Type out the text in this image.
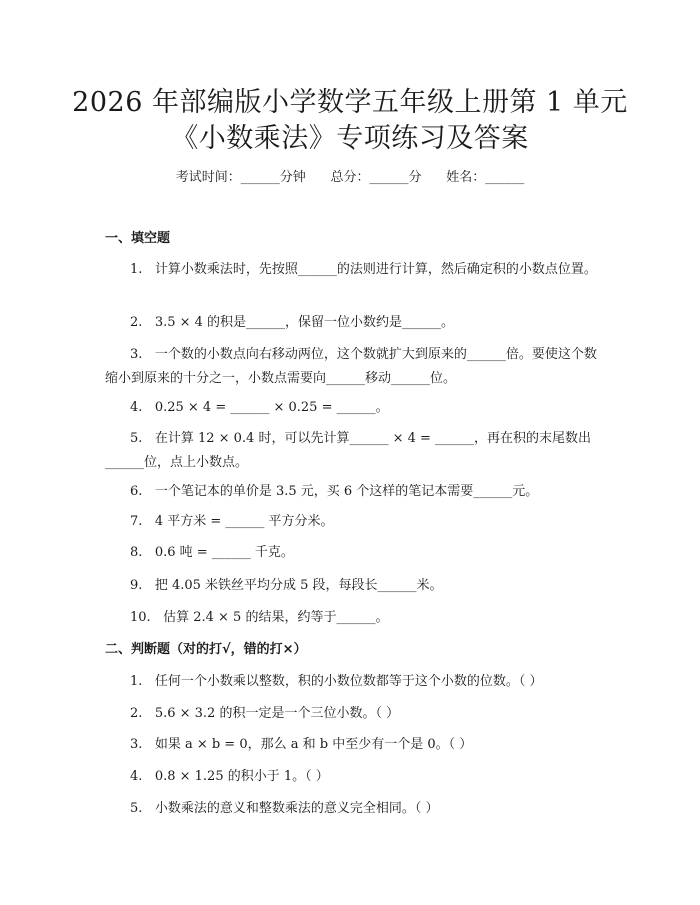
2026 年部编版小学数学五年级上册第 1 单元
《小数乘法》专项练习及答案
考试时间：______分钟      总分：______分      姓名：______
一、填空题
1. 计算小数乘法时，先按照______的法则进行计算，然后确定积的小数点位置。
2. 3.5 × 4 的积是______，保留一位小数约是______。
3. 一个数的小数点向右移动两位，这个数就扩大到原来的______倍。要使这个数缩小到原来的十分之一，小数点需要向______移动______位。
4. 0.25 × 4 = ______ × 0.25 = ______。
5. 在计算 12 × 0.4 时，可以先计算______ × 4 = ______，再在积的末尾数出______位，点上小数点。
6. 一个笔记本的单价是 3.5 元，买 6 个这样的笔记本需要______元。
7. 4 平方米 = ______ 平方分米。
8. 0.6 吨 = ______ 千克。
9. 把 4.05 米铁丝平均分成 5 段，每段长______米。
10. 估算 2.4 × 5 的结果，约等于______。
二、判断题（对的打√，错的打×）
1. 任何一个小数乘以整数，积的小数位数都等于这个小数的位数。（ ）
2. 5.6 × 3.2 的积一定是一个三位小数。（ ）
3. 如果 a × b = 0，那么 a 和 b 中至少有一个是 0。（ ）
4. 0.8 × 1.25 的积小于 1。（ ）
5. 小数乘法的意义和整数乘法的意义完全相同。（ ）
